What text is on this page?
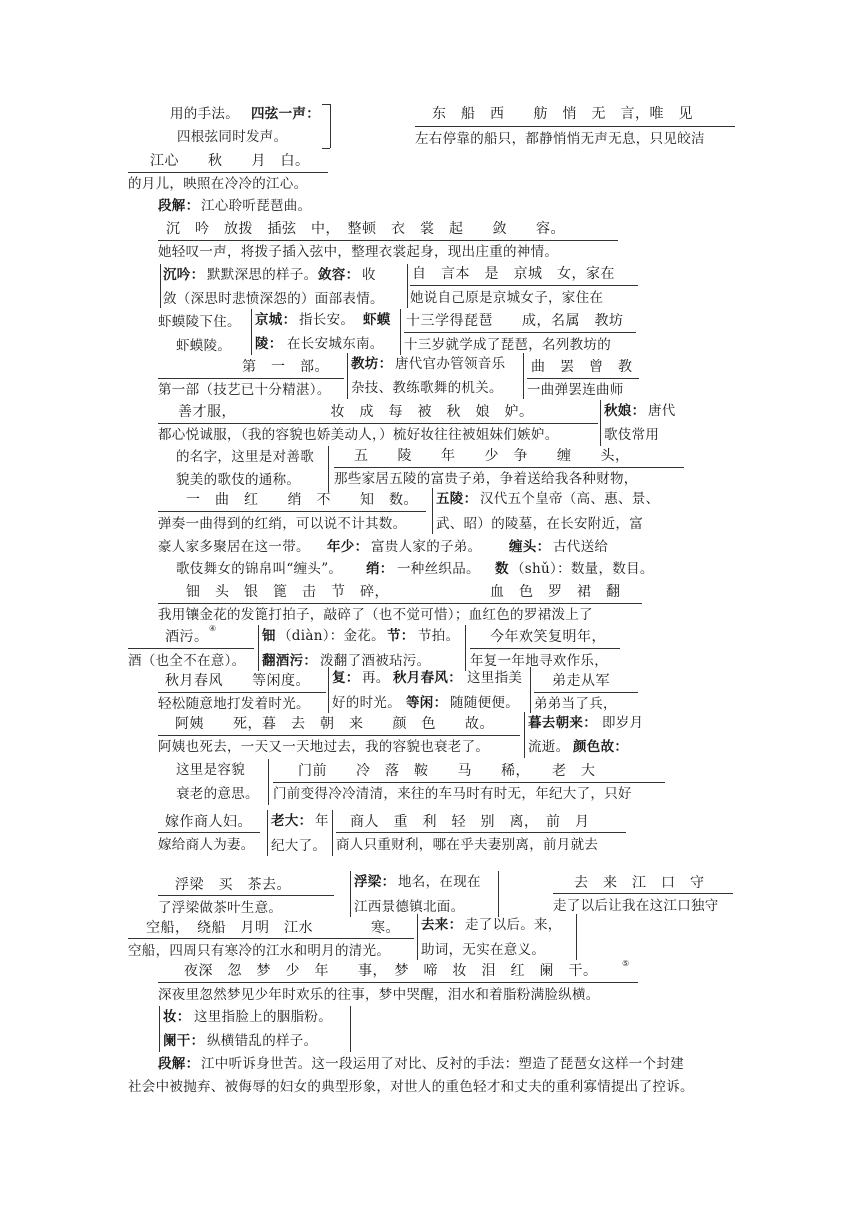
用的手法。 四弦一声：
四根弦同时发声。
东　船　西　　舫　悄　无　言，唯　见
左右停靠的船只，都静悄悄无声无息，只见皎洁
江心　　秋　　月　白。
的月儿，映照在冷冷的江心。
段解： 江心聆听琵琶曲。
沉　吟　放拨　插弦　中，　整顿　衣　裳　起　　敛　　容。
她轻叹一声，将拨子插入弦中，整理衣裳起身，现出庄重的神情。
沉吟： 默默深思的样子。 敛容： 收
敛（深思时悲愤深怨的）面部表情。
自　言本　是　京城　女，家在
她说自己原是京城女子，家住在
虾蟆陵下住。 京城： 指长安。 虾蟆
陵： 在长安城东南。
虾蟆陵。
十三学得琵琶　　成，名属　教坊
十三岁就学成了琵琶，名列教坊的
第　一　部。
第一部（技艺已十分精湛）。
教坊： 唐代官办管领音乐
杂技、教练歌舞的机关。
曲　罢　曾　教
一曲弹罢连曲师
善才服，　　　　　　　妆　成　每　被　秋　娘　妒。
都心悦诚服，（我的容貌也娇美动人，）梳好妆往往被姐妹们嫉妒。
秋娘： 唐代
歌伎常用
的名字，这里是对善歌
貌美的歌伎的通称。
五　　陵　　年　　少　争　　缠　　头，
那些家居五陵的富贵子弟，争着送给我各种财物，
一　曲　红　　绡　不　　知　数。
弹奏一曲得到的红绡，可以说不计其数。
五陵： 汉代五个皇帝（高、惠、景、
武、昭）的陵墓，在长安附近，富
豪人家多聚居在这一带。 年少： 富贵人家的子弟。 缠头： 古代送给
歌伎舞女的锦帛叫“缠头”。 绡： 一种丝织品。 数 （shǔ）：数量，数目。
钿　头　银　篦　击　节　碎，	血　色　罗　裙　翻
我用镶金花的发篦打拍子，敲碎了（也不觉可惜）；血红色的罗裙泼上了
酒污。
④
酒（也全不在意）。
钿 （diàn）：金花。 节： 节拍。
翻酒污： 泼翻了酒被玷污。
今年欢笑复明年，
年复一年地寻欢作乐，
秋月春风　　等闲度。
轻松随意地打发着时光。
复： 再。 秋月春风： 这里指美
好的时光。 等闲： 随随便便。
弟走从军
弟弟当了兵，
阿姨　　死，暮　去　朝　来　　颜　色　　故。
阿姨也死去，一天又一天地过去，我的容貌也衰老了。
暮去朝来： 即岁月
流逝。 颜色故：
这里是容貌
衰老的意思。
门前　　冷　落　鞍　　马　　稀，　　老　大
门前变得冷冷清清，来往的车马时有时无，年纪大了，只好
嫁作商人妇。
嫁给商人为妻。
老大： 年
纪大了。
商人　重　利　轻　别　离，　前　月
商人只重财利，哪在乎夫妻别离，前月就去
浮梁　买　茶去。
了浮梁做茶叶生意。
浮梁： 地名，在现在
江西景德镇北面。
去　来　江　口　守
走了以后让我在这江口独守
空船，　绕船　月明　江水　　　　寒。
空船，四周只有寒冷的江水和明月的清光。
去来： 走了以后。来，
助词，无实在意义。
夜深　忽　梦　少　年　　事，　梦　啼　妆　泪　红　阑　干。	⑤
深夜里忽然梦见少年时欢乐的往事，梦中哭醒，泪水和着脂粉满脸纵横。
妆： 这里指脸上的胭脂粉。
阑干： 纵横错乱的样子。
段解： 江中听诉身世苦。这一段运用了对比、反衬的手法：塑造了琵琶女这样一个封建
社会中被抛弃、被侮辱的妇女的典型形象，对世人的重色轻才和丈夫的重利寡情提出了控诉。
